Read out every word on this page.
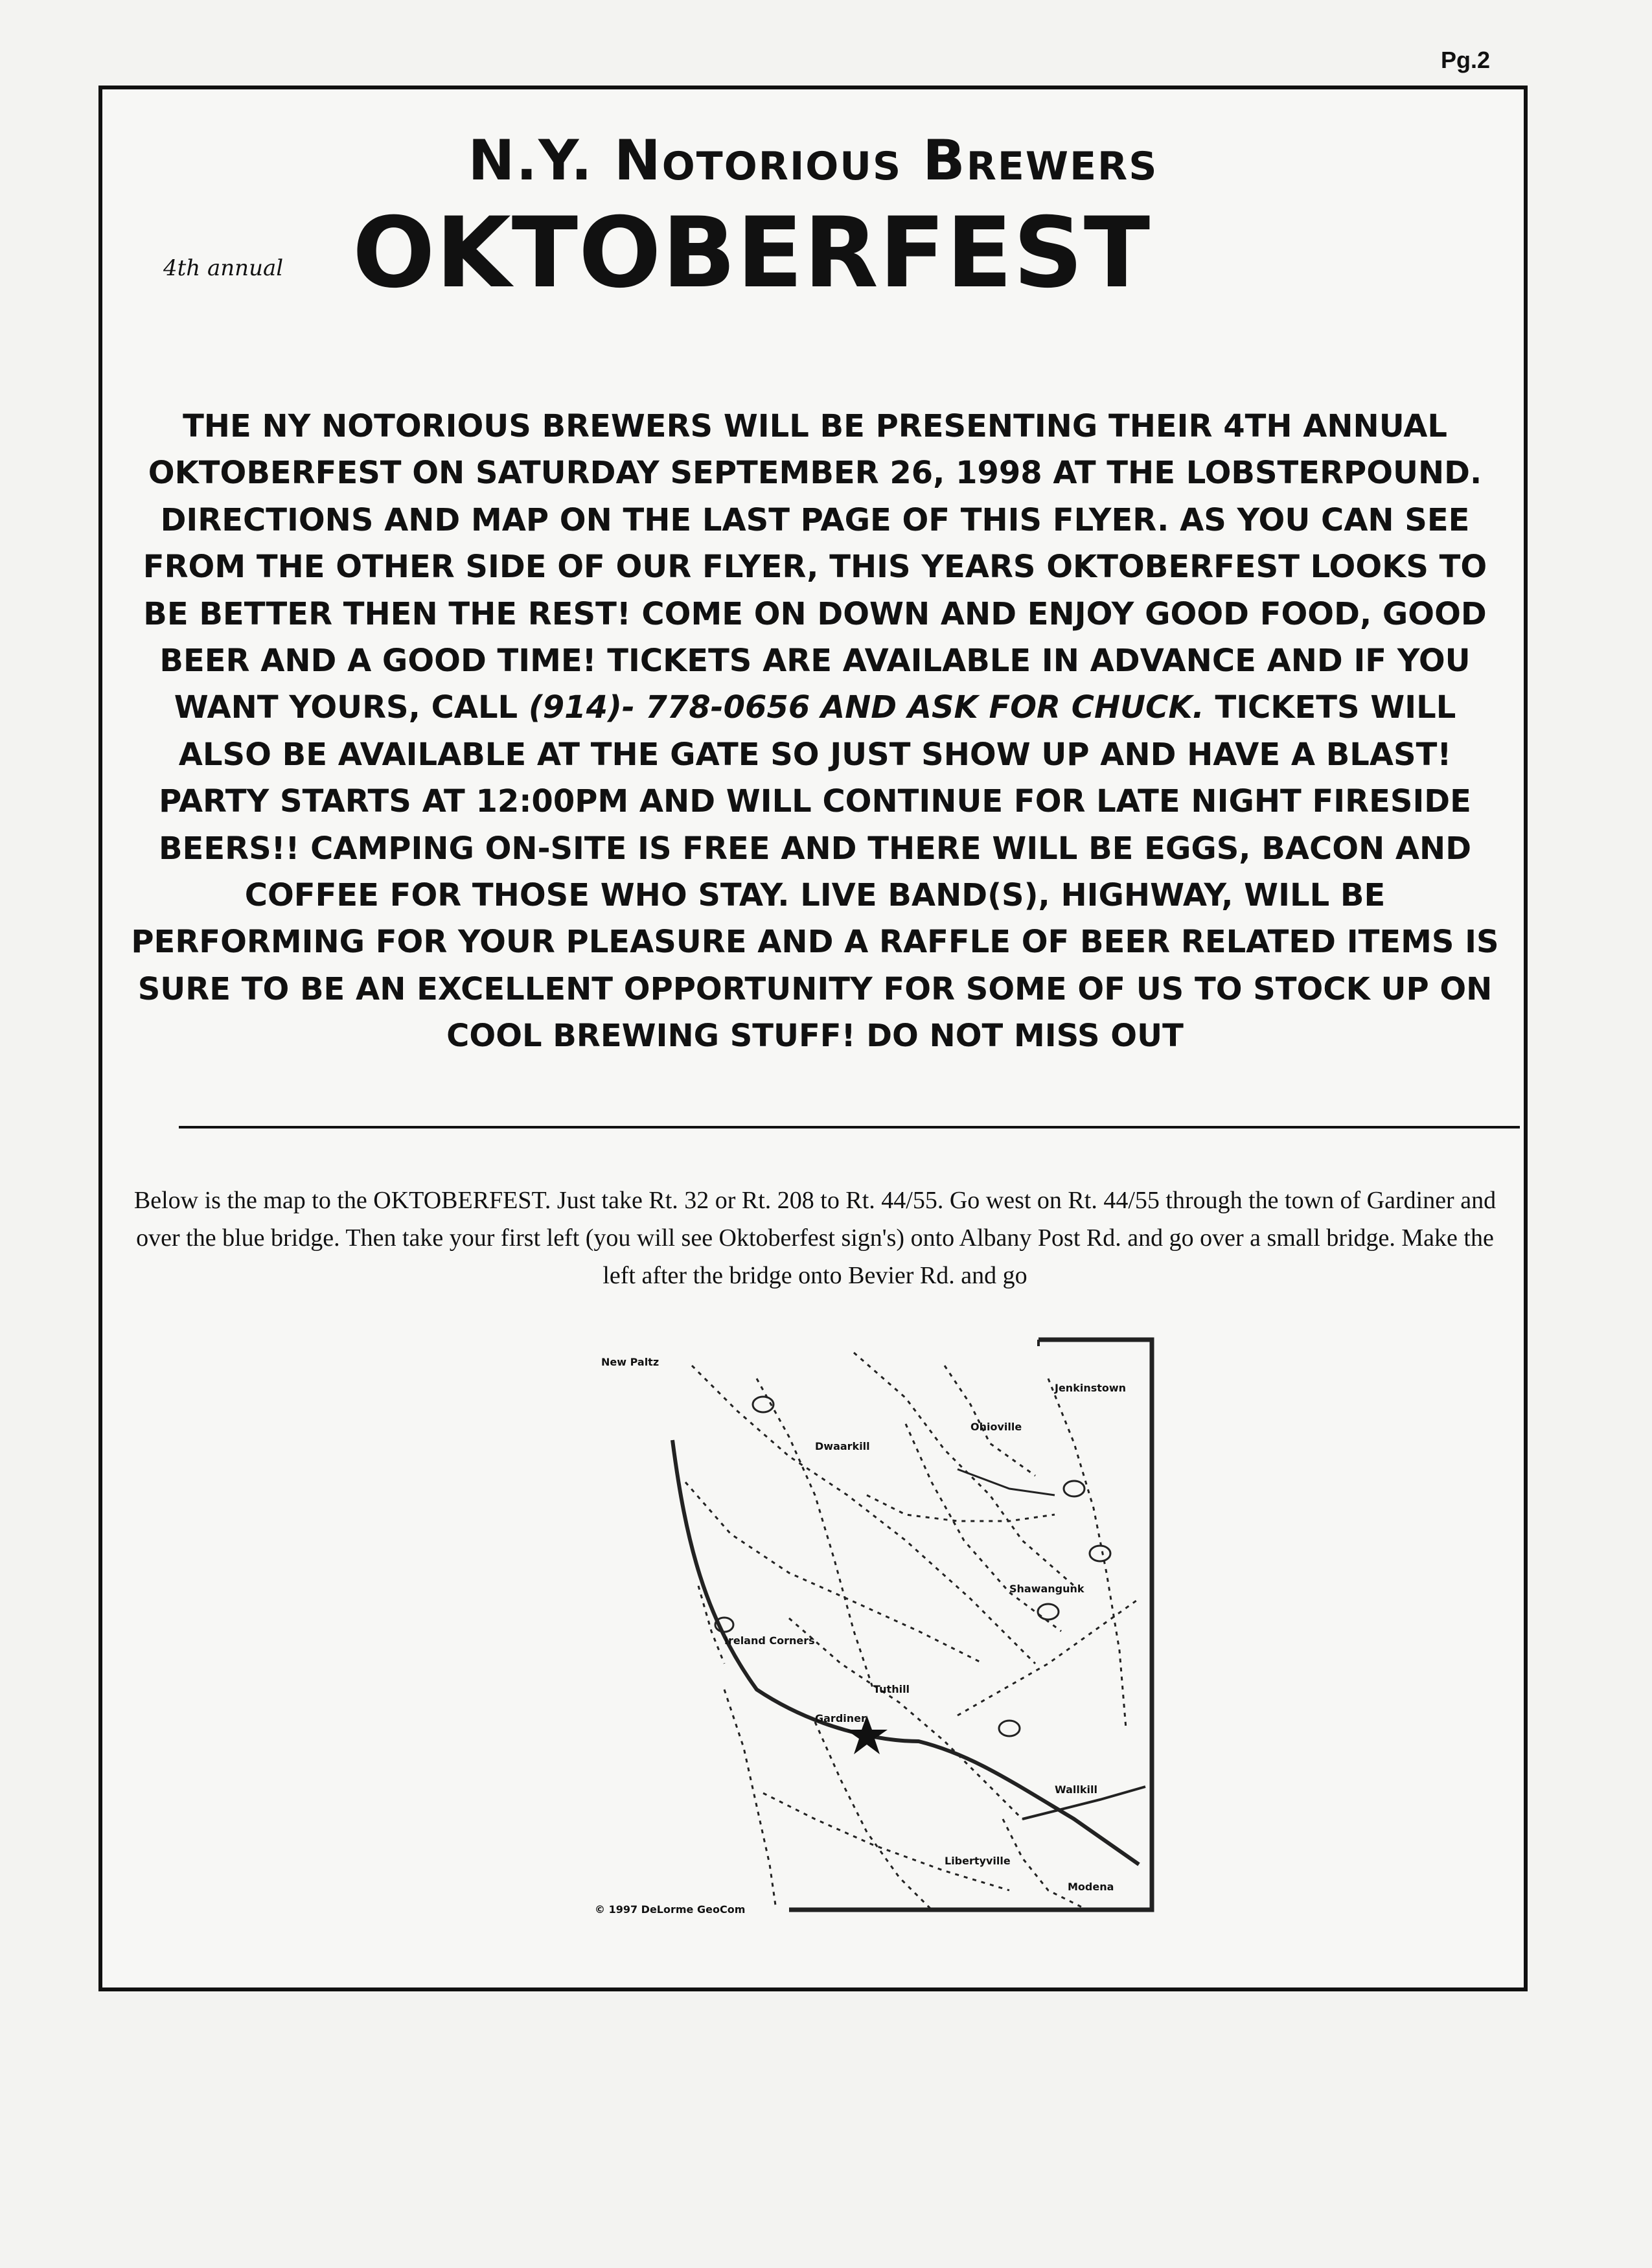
Pg.2
N.Y. Notorious Brewers
4th annual OKTOBERFEST
THE NY NOTORIOUS BREWERS WILL BE PRESENTING THEIR 4TH ANNUAL OKTOBERFEST ON SATURDAY SEPTEMBER 26, 1998 AT THE LOBSTERPOUND. DIRECTIONS AND MAP ON THE LAST PAGE OF THIS FLYER. AS YOU CAN SEE FROM THE OTHER SIDE OF OUR FLYER, THIS YEARS OKTOBERFEST LOOKS TO BE BETTER THEN THE REST! COME ON DOWN AND ENJOY GOOD FOOD, GOOD BEER AND A GOOD TIME! TICKETS ARE AVAILABLE IN ADVANCE AND IF YOU WANT YOURS, CALL (914)- 778-0656 AND ASK FOR CHUCK. TICKETS WILL ALSO BE AVAILABLE AT THE GATE SO JUST SHOW UP AND HAVE A BLAST! PARTY STARTS AT 12:00PM AND WILL CONTINUE FOR LATE NIGHT FIRESIDE BEERS!! CAMPING ON-SITE IS FREE AND THERE WILL BE EGGS, BACON AND COFFEE FOR THOSE WHO STAY. LIVE BAND(S), HIGHWAY, WILL BE PERFORMING FOR YOUR PLEASURE AND A RAFFLE OF BEER RELATED ITEMS IS SURE TO BE AN EXCELLENT OPPORTUNITY FOR SOME OF US TO STOCK UP ON COOL BREWING STUFF! DO NOT MISS OUT
Below is the map to the OKTOBERFEST. Just take Rt. 32 or Rt. 208 to Rt. 44/55. Go west on Rt. 44/55 through the town of Gardiner and over the blue bridge. Then take your first left (you will see Oktoberfest sign's) onto Albany Post Rd. and go over a small bridge. Make the left after the bridge onto Bevier Rd. and go
New Paltz
Gardiner
Libertyville
Tuthill
Ireland Corners
Dwaarkill
Jenkinstown
Modena
Wallkill
Ohioville
Shawangunk
© 1997 DeLorme GeoCom
